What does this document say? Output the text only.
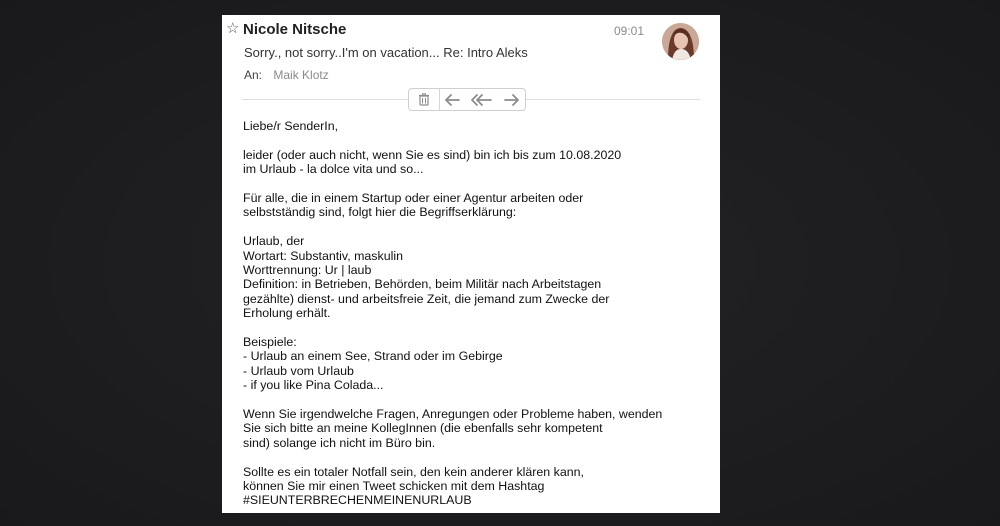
☆ Nicole Nitsche	09:01
Sorry., not sorry..I'm on vacation... Re: Intro Aleks
An: Maik Klotz

Liebe/r SenderIn,

leider (oder auch nicht, wenn Sie es sind) bin ich bis zum 10.08.2020
im Urlaub - la dolce vita und so...

Für alle, die in einem Startup oder einer Agentur arbeiten oder
selbstständig sind, folgt hier die Begriffserklärung:

Urlaub, der
Wortart: Substantiv, maskulin
Worttrennung: Ur | laub
Definition: in Betrieben, Behörden, beim Militär nach Arbeitstagen
gezählte) dienst- und arbeitsfreie Zeit, die jemand zum Zwecke der
Erholung erhält.

Beispiele:
- Urlaub an einem See, Strand oder im Gebirge
- Urlaub vom Urlaub
- if you like Pina Colada...

Wenn Sie irgendwelche Fragen, Anregungen oder Probleme haben, wenden
Sie sich bitte an meine KollegInnen (die ebenfalls sehr kompetent
sind) solange ich nicht im Büro bin.

Sollte es ein totaler Notfall sein, den kein anderer klären kann,
können Sie mir einen Tweet schicken mit dem Hashtag
#SIEUNTERBRECHENMEINENURLAUB
